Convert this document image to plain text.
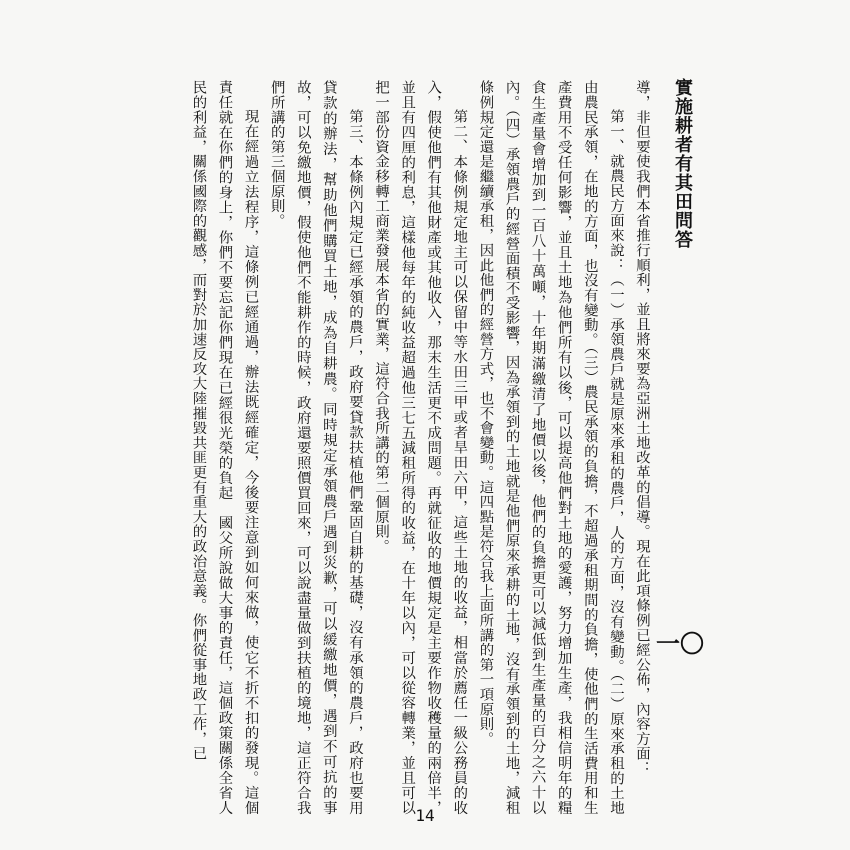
實施耕者有其田問答
一〇

導，非但要使我們本省推行順利，並且將來要為亞洲土地改革的倡導。現在此項條例已經公佈，內容方面：

第一、就農民方面來說：（一）承領農戶就是原來承租的農戶，人的方面，沒有變動。（二）原來承租的土地由農民承領，在地的方面，也沒有變動。（三）農民承領的負擔，不超過承租期間的負擔，使他們的生活費用和生產費用不受任何影響，並且土地為他們所有以後，可以提高他們對土地的愛護，努力增加生產，我相信明年的糧食生產量會增加到一百八十萬噸，十年期滿繳清了地價以後，他們的負擔更可以減低到生產量的百分之六十以內。（四）承領農戶的經營面積不受影響，因為承領到的土地就是他們原來承耕的土地，沒有承領到的土地，減租條例規定還是繼續承租，因此他們的經營方式，也不會變動。這四點是符合我上面所講的第一項原則。

第二、本條例規定地主可以保留中等水田三甲或者旱田六甲，這些土地的收益，相當於薦任一級公務員的收入，假使他們有其他財產或其他收入，那末生活更不成問題。再就征收的地價規定是主要作物收穫量的兩倍半，並且有四厘的利息，這樣他每年的純收益超過他三七五減租所得的收益，在十年以內，可以從容轉業，並且可以把一部份資金移轉工商業發展本省的實業，這符合我所講的第二個原則。

第三、本條例內規定已經承領的農戶，政府要貸款扶植他們鞏固自耕的基礎，沒有承領的農戶，政府也要用貸款的辦法，幫助他們購買土地，成為自耕農。同時規定承領農戶遇到災歉，可以緩繳地價，遇到不可抗的事故，可以免繳地價，假使他們不能耕作的時候，政府還要照價買回來，可以說盡量做到扶植的境地，這正符合我們所講的第三個原則。

現在經過立法程序，這條例已經通過，辦法既經確定，今後要注意到如何來做，使它不折不扣的發現。這個責任就在你們的身上，你們不要忘記你們現在已經很光榮的負起　國父所說做大事的責任，這個政策關係全省人民的利益，關係國際的觀感，而對於加速反攻大陸摧毀共匪更有重大的政治意義。你們從事地政工作，已

14
